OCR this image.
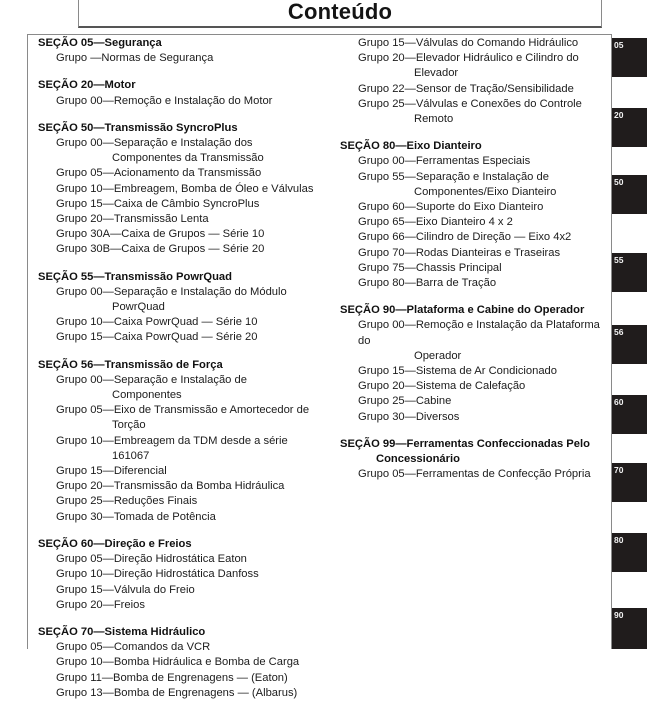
Conteúdo
SEÇÃO 05—Segurança
Grupo —Normas de Segurança
SEÇÃO 20—Motor
Grupo 00—Remoção e Instalação do Motor
SEÇÃO 50—Transmissão SyncroPlus
Grupo 00—Separação e Instalação dos
Componentes da Transmissão
Grupo 05—Acionamento da Transmissão
Grupo 10—Embreagem, Bomba de Óleo e Válvulas
Grupo 15—Caixa de Câmbio SyncroPlus
Grupo 20—Transmissão Lenta
Grupo 30A—Caixa de Grupos — Série 10
Grupo 30B—Caixa de Grupos — Série 20
SEÇÃO 55—Transmissão PowrQuad
Grupo 00—Separação e Instalação do Módulo
PowrQuad
Grupo 10—Caixa PowrQuad — Série 10
Grupo 15—Caixa PowrQuad — Série 20
SEÇÃO 56—Transmissão de Força
Grupo 00—Separação e Instalação de
Componentes
Grupo 05—Eixo de Transmissão e Amortecedor de
Torção
Grupo 10—Embreagem da TDM desde a série
161067
Grupo 15—Diferencial
Grupo 20—Transmissão da Bomba Hidráulica
Grupo 25—Reduções Finais
Grupo 30—Tomada de Potência
SEÇÃO 60—Direção e Freios
Grupo 05—Direção Hidrostática Eaton
Grupo 10—Direção Hidrostática Danfoss
Grupo 15—Válvula do Freio
Grupo 20—Freios
SEÇÃO 70—Sistema Hidráulico
Grupo 05—Comandos da VCR
Grupo 10—Bomba Hidráulica e Bomba de Carga
Grupo 11—Bomba de Engrenagens — (Eaton)
Grupo 13—Bomba de Engrenagens — (Albarus)
Grupo 15—Válvulas do Comando Hidráulico
Grupo 20—Elevador Hidráulico e Cilindro do
Elevador
Grupo 22—Sensor de Tração/Sensibilidade
Grupo 25—Válvulas e Conexões do Controle
Remoto
SEÇÃO 80—Eixo Dianteiro
Grupo 00—Ferramentas Especiais
Grupo 55—Separação e Instalação de
Componentes/Eixo Dianteiro
Grupo 60—Suporte do Eixo Dianteiro
Grupo 65—Eixo Dianteiro 4 x 2
Grupo 66—Cilindro de Direção — Eixo 4x2
Grupo 70—Rodas Dianteiras e Traseiras
Grupo 75—Chassis Principal
Grupo 80—Barra de Tração
SEÇÃO 90—Plataforma e Cabine do Operador
Grupo 00—Remoção e Instalação da Plataforma do
Operador
Grupo 15—Sistema de Ar Condicionado
Grupo 20—Sistema de Calefação
Grupo 25—Cabine
Grupo 30—Diversos
SEÇÃO 99—Ferramentas Confeccionadas Pelo
Concessionário
Grupo 05—Ferramentas de Confecção Própria
05
20
50
55
56
60
70
80
90
